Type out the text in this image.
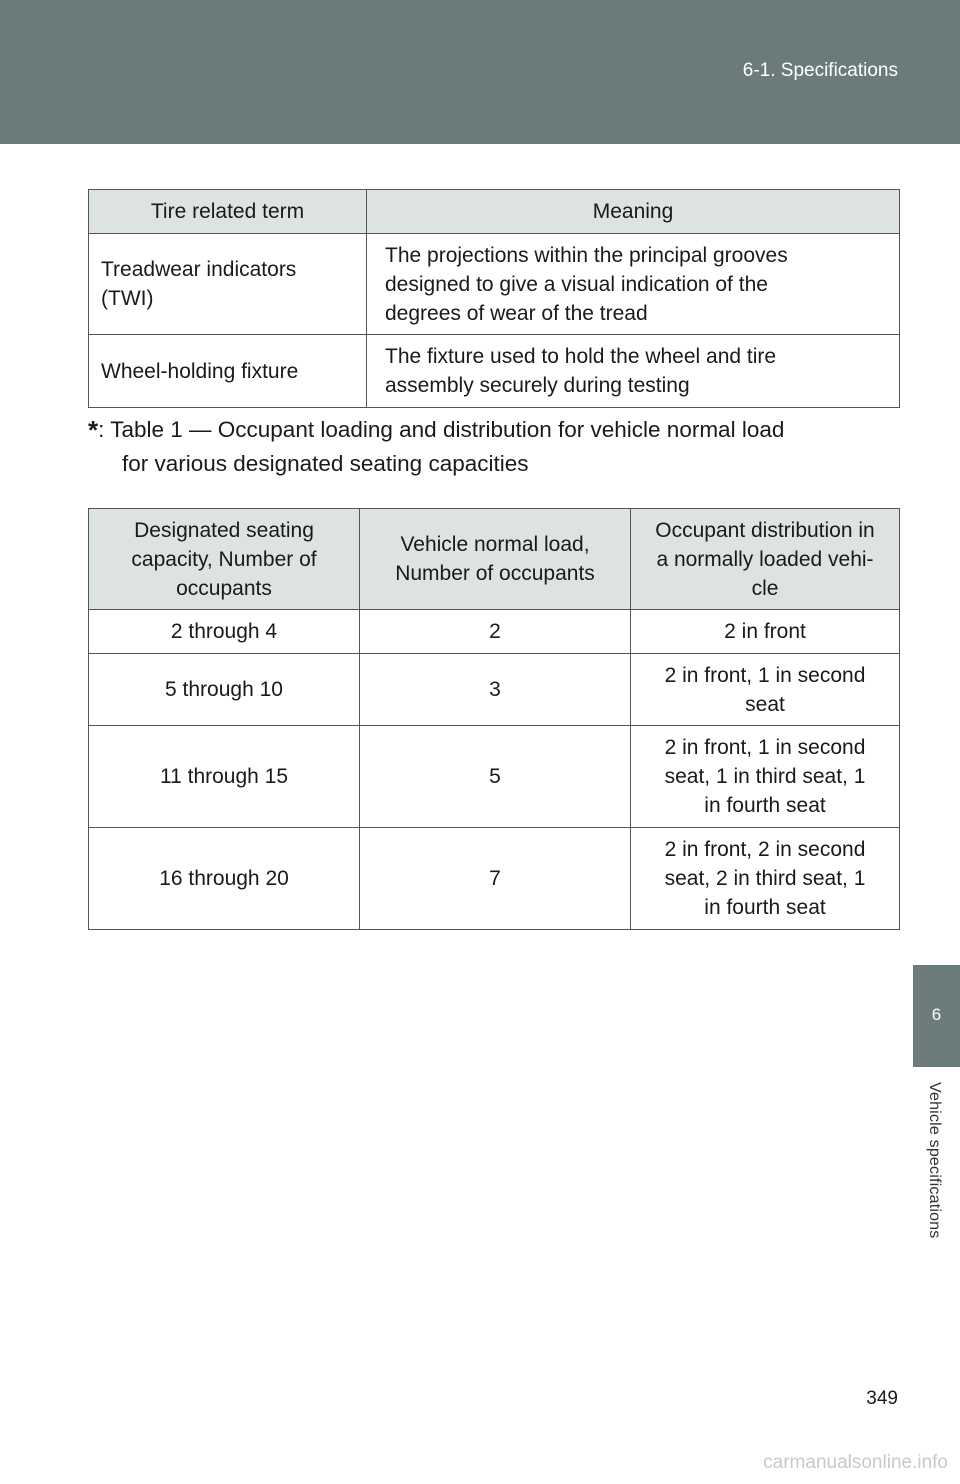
6-1. Specifications
6
Vehicle specifications
Tire related term	Meaning
Treadwear indicators
(TWI)	The projections within the principal grooves
designed to give a visual indication of the
degrees of wear of the tread
Wheel-holding fixture	The fixture used to hold the wheel and tire
assembly securely during testing
*: Table 1 — Occupant loading and distribution for vehicle normal load
for various designated seating capacities
Designated seating
capacity, Number of
occupants	Vehicle normal load,
Number of occupants	Occupant distribution in
a normally loaded vehi-
cle
2 through 4	2	2 in front
5 through 10	3	2 in front, 1 in second
seat
11 through 15	5	2 in front, 1 in second
seat, 1 in third seat, 1
in fourth seat
16 through 20	7	2 in front, 2 in second
seat, 2 in third seat, 1
in fourth seat
349
carmanualsonline.info
